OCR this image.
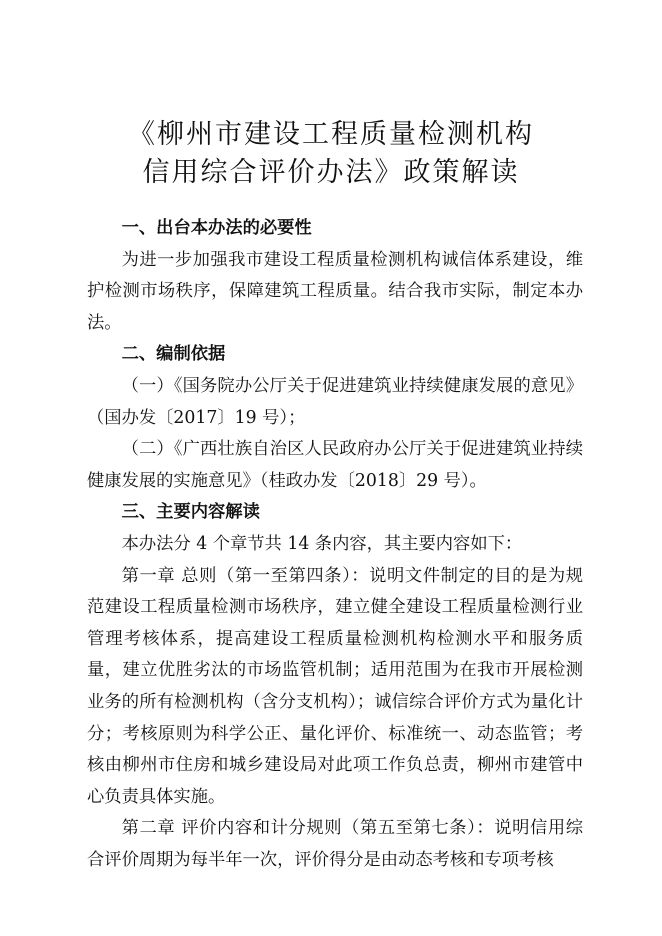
《柳州市建设工程质量检测机构
信用综合评价办法》政策解读
一、出台本办法的必要性

为进一步加强我市建设工程质量检测机构诚信体系建设，维护检测市场秩序，保障建筑工程质量。结合我市实际，制定本办法。

二、编制依据

（一）《国务院办公厅关于促进建筑业持续健康发展的意见》（国办发〔2017〕19 号）；

（二）《广西壮族自治区人民政府办公厅关于促进建筑业持续健康发展的实施意见》（桂政办发〔2018〕29 号）。

三、主要内容解读

本办法分 4 个章节共 14 条内容，其主要内容如下：

第一章 总则（第一至第四条）：说明文件制定的目的是为规范建设工程质量检测市场秩序，建立健全建设工程质量检测行业管理考核体系，提高建设工程质量检测机构检测水平和服务质量，建立优胜劣汰的市场监管机制；适用范围为在我市开展检测业务的所有检测机构（含分支机构）；诚信综合评价方式为量化计分；考核原则为科学公正、量化评价、标准统一、动态监管；考核由柳州市住房和城乡建设局对此项工作负总责，柳州市建管中心负责具体实施。

第二章 评价内容和计分规则（第五至第七条）：说明信用综合评价周期为每半年一次，评价得分是由动态考核和专项考核
